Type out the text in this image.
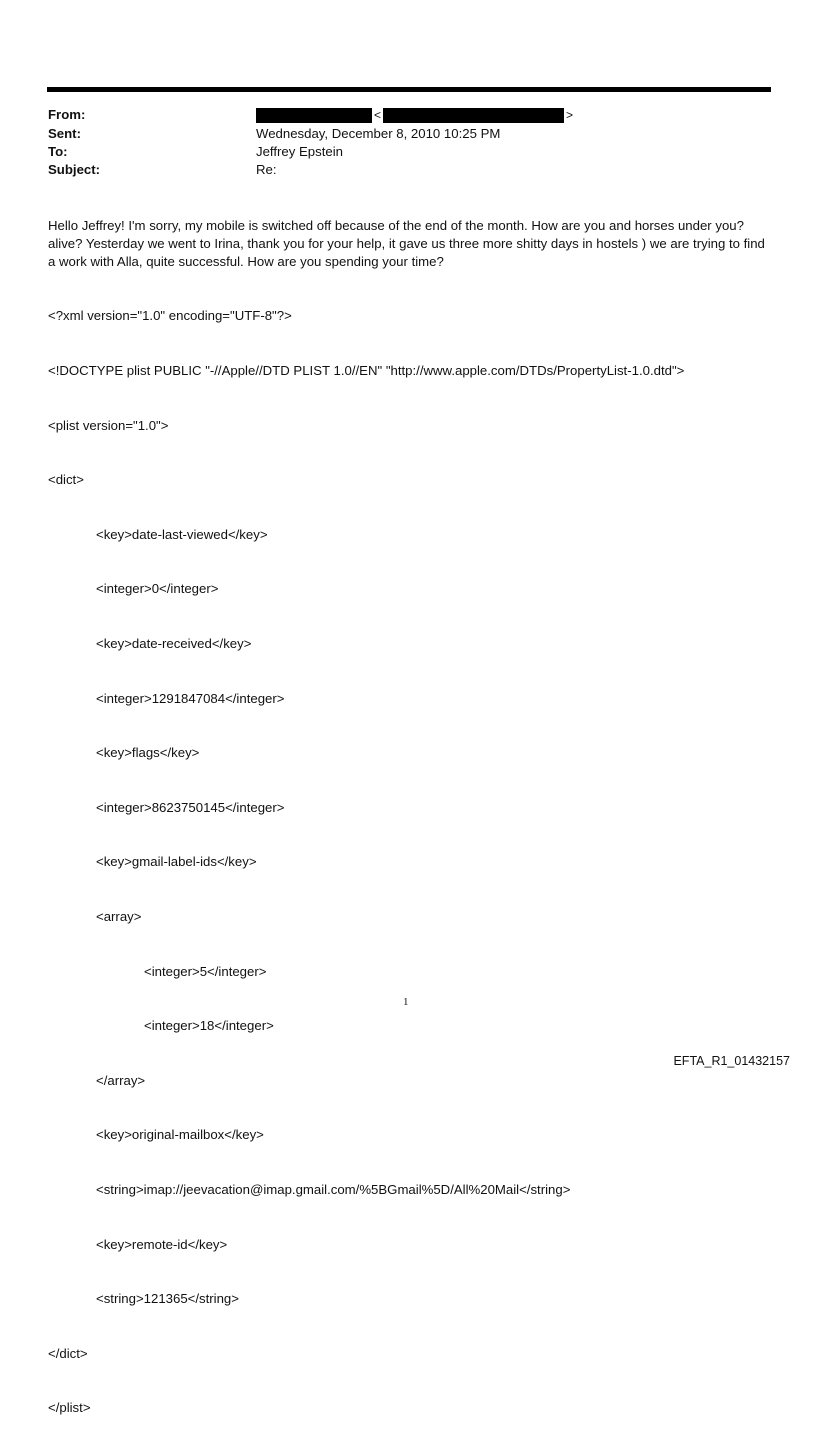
From:	<	>
Sent:	Wednesday, December 8, 2010 10:25 PM
To:	Jeffrey Epstein
Subject:	Re:
Hello Jeffrey! I'm sorry, my mobile is switched off because of the end of the month. How are you and horses under you? alive? Yesterday we went to Irina, thank you for your help, it gave us three more shitty days in hostels ) we are trying to find a work with Alla, quite successful. How are you spending your time?

<?xml version="1.0" encoding="UTF-8"?>

<!DOCTYPE plist PUBLIC "-//Apple//DTD PLIST 1.0//EN" "http://www.apple.com/DTDs/PropertyList-1.0.dtd">

<plist version="1.0">

<dict>

<key>date-last-viewed</key>

<integer>0</integer>

<key>date-received</key>

<integer>1291847084</integer>

<key>flags</key>

<integer>8623750145</integer>

<key>gmail-label-ids</key>

<array>

<integer>5</integer>

<integer>18</integer>

</array>

<key>original-mailbox</key>

<string>imap://jeevacation@imap.gmail.com/%5BGmail%5D/All%20Mail</string>

<key>remote-id</key>

<string>121365</string>

</dict>

</plist>

1
EFTA_R1_01432157
